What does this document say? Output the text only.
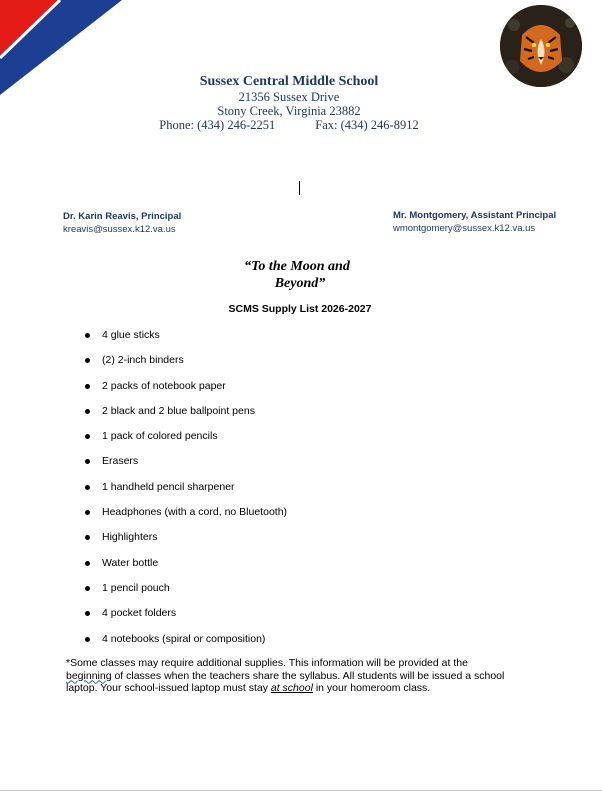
Sussex Central Middle School
21356 Sussex Drive
Stony Creek, Virginia 23882
Phone: (434) 246-2251	Fax: (434) 246-8912
Dr. Karin Reavis, Principal
kreavis@sussex.k12.va.us
Mr. Montgomery, Assistant Principal
wmontgomery@sussex.k12.va.us
“To the Moon and
Beyond”
SCMS Supply List 2026-2027
4 glue sticks
(2) 2-inch binders
2 packs of notebook paper
2 black and 2 blue ballpoint pens
1 pack of colored pencils
Erasers
1 handheld pencil sharpener
Headphones (with a cord, no Bluetooth)
Highlighters
Water bottle
1 pencil pouch
4 pocket folders
4 notebooks (spiral or composition)
*Some classes may require additional supplies. This information will be provided at the
beginning of classes when the teachers share the syllabus. All students will be issued a school
laptop. Your school-issued laptop must stay at school in your homeroom class.
